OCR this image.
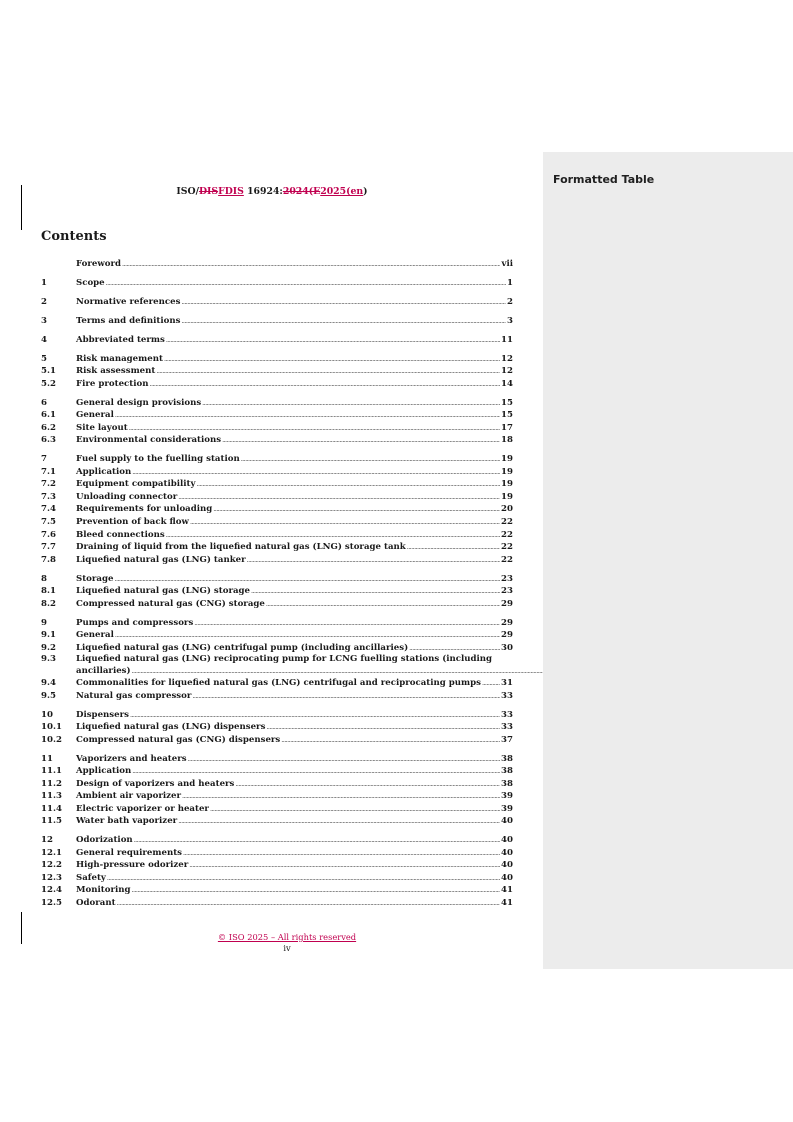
ISO/DISFDIS 16924:2024(E2025(en)
Contents
Foreword .....	vii
1	Scope .....	1
2	Normative references .....	2
3	Terms and definitions .....	3
4	Abbreviated terms .....	11
5	Risk management .....	12
5.1	Risk assessment .....	12
5.2	Fire protection .....	14
6	General design provisions .....	15
6.1	General .....	15
6.2	Site layout .....	17
6.3	Environmental considerations .....	18
7	Fuel supply to the fuelling station .....	19
7.1	Application .....	19
7.2	Equipment compatibility .....	19
7.3	Unloading connector .....	19
7.4	Requirements for unloading .....	20
7.5	Prevention of back flow .....	22
7.6	Bleed connections .....	22
7.7	Draining of liquid from the liquefied natural gas (LNG) storage tank .....	22
7.8	Liquefied natural gas (LNG) tanker .....	22
8	Storage .....	23
8.1	Liquefied natural gas (LNG) storage .....	23
8.2	Compressed natural gas (CNG) storage .....	29
9	Pumps and compressors .....	29
9.1	General .....	29
9.2	Liquefied natural gas (LNG) centrifugal pump (including ancillaries) .....	30
9.3	Liquefied natural gas (LNG) reciprocating pump for LCNG fuelling stations (including
ancillaries)
.....
9.4	Commonalities for liquefied natural gas (LNG) centrifugal and reciprocating pumps ..... 31
9.5	Natural gas compressor .....	33
10	Dispensers .....	33
10.1	Liquefied natural gas (LNG) dispensers .....	33
10.2	Compressed natural gas (CNG) dispensers .....	37
11	Vaporizers and heaters .....	38
11.1	Application .....	38
11.2	Design of vaporizers and heaters .....	38
11.3	Ambient air vaporizer .....	39
11.4	Electric vaporizer or heater .....	39
11.5	Water bath vaporizer .....	40
12	Odorization .....	40
12.1	General requirements .....	40
12.2	High-pressure odorizer .....	40
12.3	Safety .....	40
12.4	Monitoring .....	41
12.5	Odorant .....	41
© ISO 2025 – All rights reserved
iv
Formatted Table
